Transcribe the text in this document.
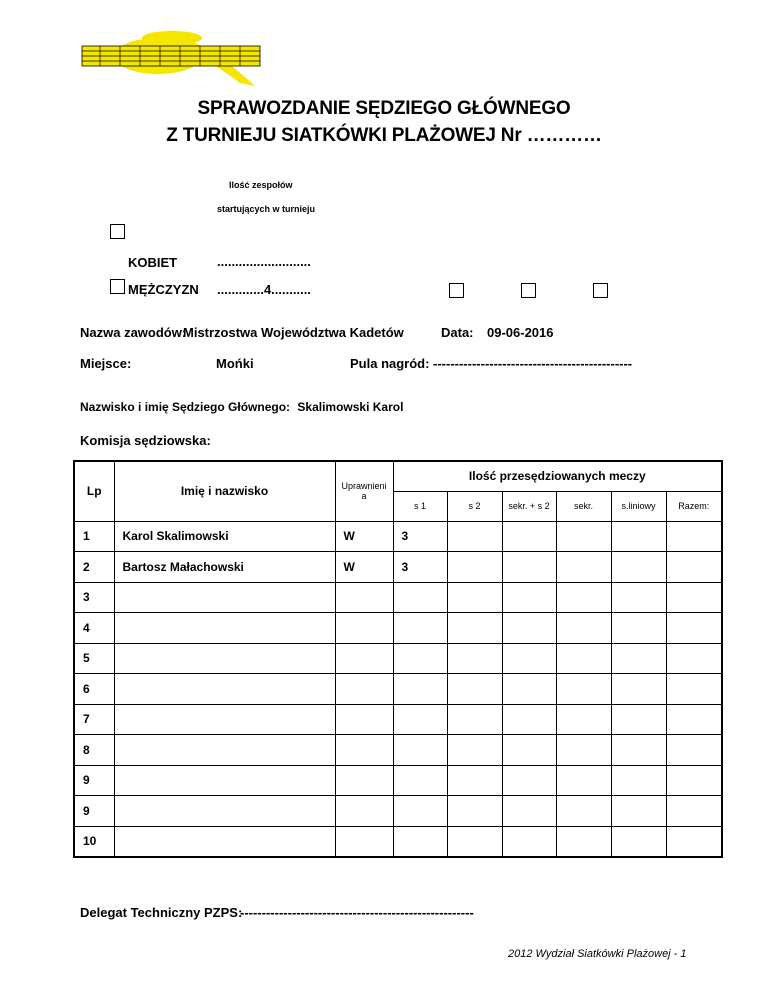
SPRAWOZDANIE SĘDZIEGO GŁÓWNEGO
Z TURNIEJU SIATKÓWKI PLAŻOWEJ Nr …………
Ilość zespołów
startujących w turnieju
KOBIET	..........................
MĘŻCZYZN .............4...........
Nazwa zawodów:
Mistrzostwa Województwa Kadetów	Data: 09-06-2016
Miejsce:	Mońki	Pula nagród: ----------------------------------------------
Nazwisko i imię Sędziego Głównego: Skalimowski Karol
Komisja sędziowska:
Lp	Imię i nazwisko	Uprawnieni a	Ilość przesędziowanych meczy					
			s 1	s 2	sekr. + s 2	sekr.	s.liniowy	Razem:
1	Karol Skalimowski	W	3					
2	Bartosz Małachowski	W	3					
3								
4								
5								
6								
7								
8								
9								
9								
10								
Delegat Techniczny PZPS:
------------------------------------------------------
2012 Wydział Siatkówki Plażowej - 1
